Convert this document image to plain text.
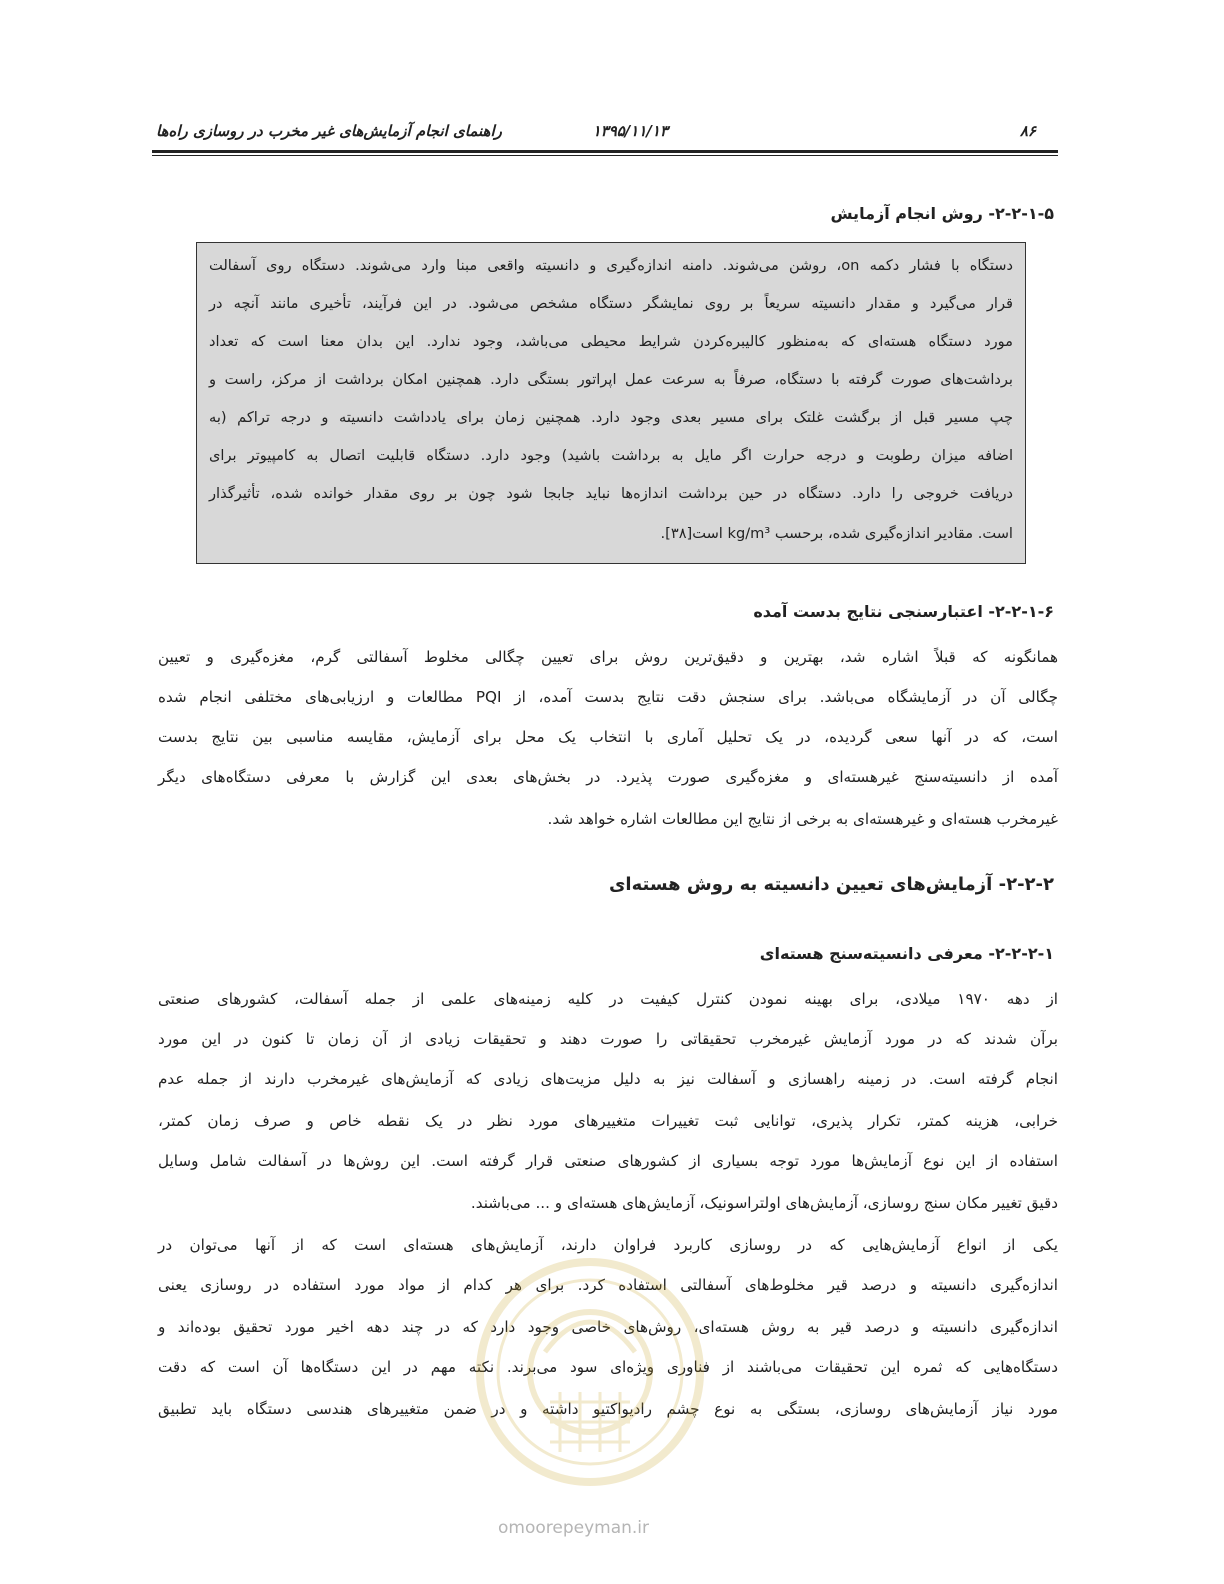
۸۶
۱۳۹۵/۱۱/۱۳
راهنمای انجام آزمایش‌های غیر مخرب در روسازی راه‌ها
۲-۲-۱-۵- روش انجام آزمایش
دستگاه با فشار دکمه on، روشن می‌شوند. دامنه اندازه‌گیری و دانسیته واقعی مبنا وارد می‌شوند. دستگاه روی آسفالت
قرار می‌گیرد و مقدار دانسیته سریعاً بر روی نمایشگر دستگاه مشخص می‌شود. در این فرآیند، تأخیری مانند آنچه در
مورد دستگاه هسته‌ای که به‌منظور کالیبره‌کردن شرایط محیطی می‌باشد، وجود ندارد. این بدان معنا است که تعداد
برداشت‌های صورت گرفته با دستگاه، صرفاً به سرعت عمل اپراتور بستگی دارد. همچنین امکان برداشت از مرکز، راست و
چپ مسیر قبل از برگشت غلتک برای مسیر بعدی وجود دارد. همچنین زمان برای یادداشت دانسیته و درجه تراکم (به
اضافه میزان رطوبت و درجه حرارت اگر مایل به برداشت باشید) وجود دارد. دستگاه قابلیت اتصال به کامپیوتر برای
دریافت خروجی را دارد. دستگاه در حین برداشت اندازه‌ها نباید جابجا شود چون بر روی مقدار خوانده شده، تأثیرگذار
است. مقادیر اندازه‌گیری شده، برحسب kg/m³ است[۳۸].
۲-۲-۱-۶- اعتبارسنجی نتایج بدست آمده
همانگونه که قبلاً اشاره شد، بهترین و دقیق‌ترین روش برای تعیین چگالی مخلوط آسفالتی گرم، مغزه‌گیری و تعیین
چگالی آن در آزمایشگاه می‌باشد. برای سنجش دقت نتایج بدست آمده، از PQI مطالعات و ارزیابی‌های مختلفی انجام شده
است، که در آنها سعی گردیده، در یک تحلیل آماری با انتخاب یک محل برای آزمایش، مقایسه مناسبی بین نتایج بدست
آمده از دانسیته‌سنج غیرهسته‌ای و مغزه‌گیری صورت پذیرد. در بخش‌های بعدی این گزارش با معرفی دستگاه‌های دیگر
غیرمخرب هسته‌ای و غیرهسته‌ای به برخی از نتایج این مطالعات اشاره خواهد شد.
۲-۲-۲- آزمایش‌های تعیین دانسیته به روش هسته‌ای
۲-۲-۲-۱- معرفی دانسیته‌سنج هسته‌ای
از دهه ۱۹۷۰ میلادی، برای بهینه نمودن کنترل کیفیت در کلیه زمینه‌های علمی از جمله آسفالت، کشورهای صنعتی
برآن شدند که در مورد آزمایش غیرمخرب تحقیقاتی را صورت دهند و تحقیقات زیادی از آن زمان تا کنون در این مورد
انجام گرفته است. در زمینه راهسازی و آسفالت نیز به دلیل مزیت‌های زیادی که آزمایش‌های غیرمخرب دارند از جمله عدم
خرابی، هزینه کمتر، تکرار پذیری، توانایی ثبت تغییرات متغییرهای مورد نظر در یک نقطه خاص و صرف زمان کمتر،
استفاده از این نوع آزمایش‌ها مورد توجه بسیاری از کشورهای صنعتی قرار گرفته است. این روش‌ها در آسفالت شامل وسایل
دقیق تغییر مکان سنج روسازی، آزمایش‌های اولتراسونیک، آزمایش‌های هسته‌ای و ... می‌باشند.
یکی از انواع آزمایش‌هایی که در روسازی کاربرد فراوان دارند، آزمایش‌های هسته‌ای است که از آنها می‌توان در
اندازه‌گیری دانسیته و درصد قیر مخلوط‌های آسفالتی استفاده کرد. برای هر کدام از مواد مورد استفاده در روسازی یعنی
اندازه‌گیری دانسیته و درصد قیر به روش هسته‌ای، روش‌های خاصی وجود دارد که در چند دهه اخیر مورد تحقیق بوده‌اند و
دستگاه‌هایی که ثمره این تحقیقات می‌باشند از فناوری ویژه‌ای سود می‌برند. نکته مهم در این دستگاه‌ها آن است که دقت
مورد نیاز آزمایش‌های روسازی، بستگی به نوع چشم رادیواکتیو داشته و در ضمن متغییرهای هندسی دستگاه باید تطبیق
omoorepeyman.ir
